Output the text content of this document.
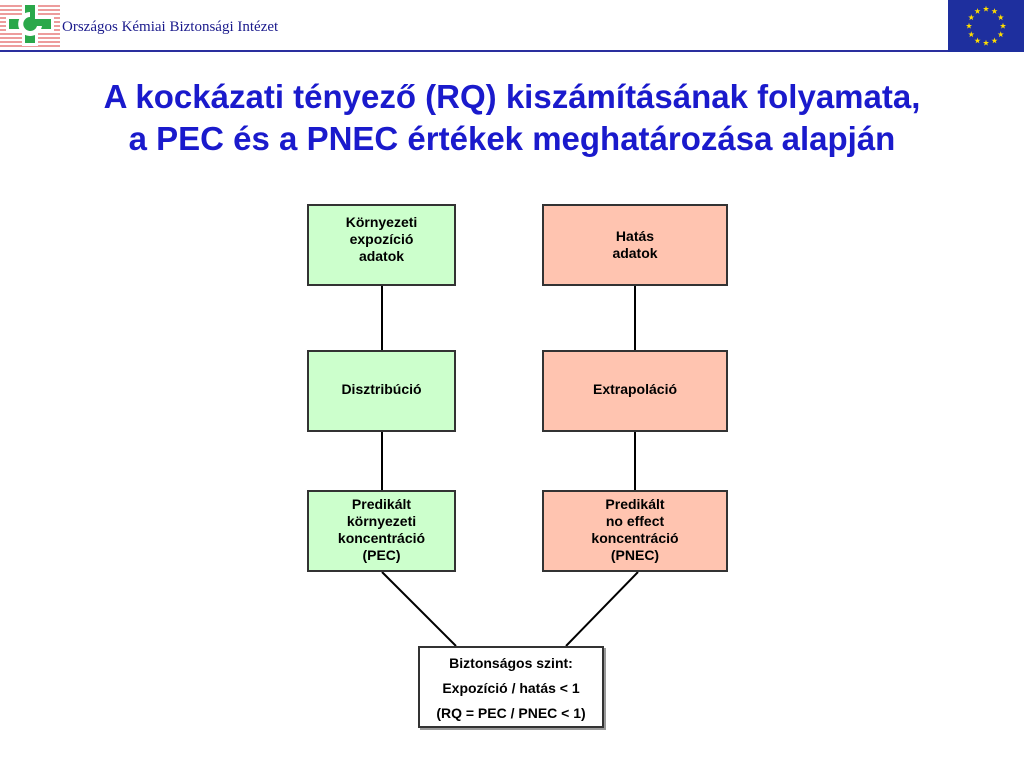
Országos Kémiai Biztonsági Intézet
A kockázati tényező (RQ) kiszámításának folyamata,
a PEC és a PNEC értékek meghatározása alapján
Környezeti
expozíció
adatok
Hatás
adatok
Disztribúció	Extrapoláció
Predikált
környezeti
koncentráció
(PEC)
Predikált
no effect
koncentráció
(PNEC)
Biztonságos szint:
Expozíció / hatás < 1
(RQ = PEC / PNEC < 1)
